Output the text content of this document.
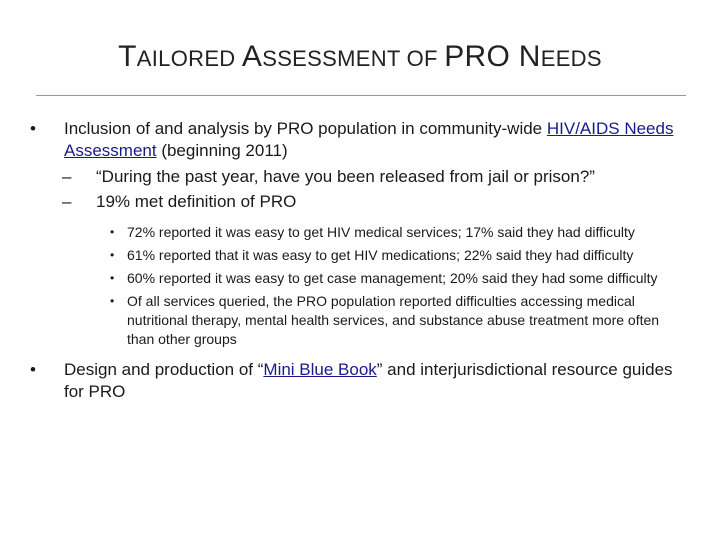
TAILORED ASSESSMENT OF PRO NEEDS
•	Inclusion of and analysis by PRO population in community-wide HIV/AIDS Needs Assessment (beginning 2011)
– “During the past year, have you been released from jail or prison?”
– 19% met definition of PRO
• 72% reported it was easy to get HIV medical services; 17% said they had difficulty
• 61% reported that it was easy to get HIV medications; 22% said they had difficulty
• 60% reported it was easy to get case management; 20% said they had some difficulty
• Of all services queried, the PRO population reported difficulties accessing medical nutritional therapy, mental health services, and substance abuse treatment more often than other groups
•	Design and production of “Mini Blue Book” and interjurisdictional resource guides for PRO
